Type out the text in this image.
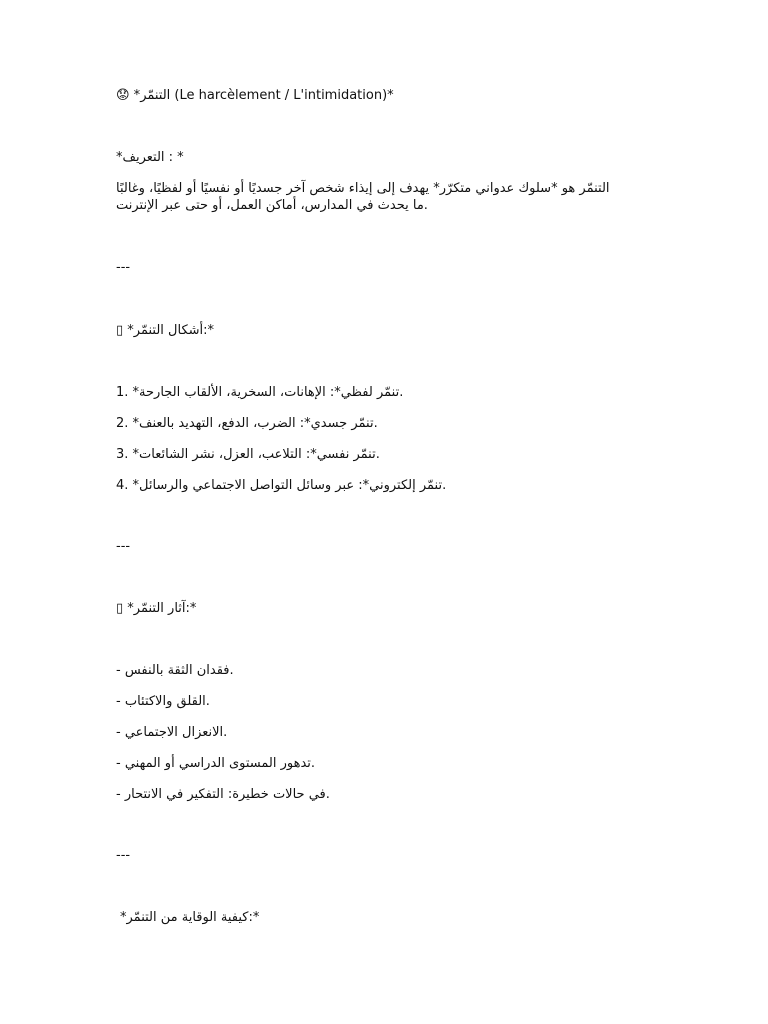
😟 *التنمّر (Le harcèlement / L'intimidation)*
*التعريف : *
التنمّر هو *سلوك عدواني متكرّر* يهدف إلى إيذاء شخص آخر جسديًا أو نفسيًا أو لفظيًا، وغالبًا
ما يحدث في المدارس، أماكن العمل، أو حتى عبر الإنترنت.
---
▯ *أشكال التنمّر:*
1. *تنمّر لفظي*: الإهانات، السخرية، الألقاب الجارحة.
2. *تنمّر جسدي*: الضرب، الدفع، التهديد بالعنف.
3. *تنمّر نفسي*: التلاعب، العزل، نشر الشائعات.
4. *تنمّر إلكتروني*: عبر وسائل التواصل الاجتماعي والرسائل.
---
▯ *آثار التنمّر:*
- فقدان الثقة بالنفس.
- القلق والاكتئاب.
- الانعزال الاجتماعي.
- تدهور المستوى الدراسي أو المهني.
- في حالات خطيرة: التفكير في الانتحار.
---
*كيفية الوقاية من التنمّر:*
